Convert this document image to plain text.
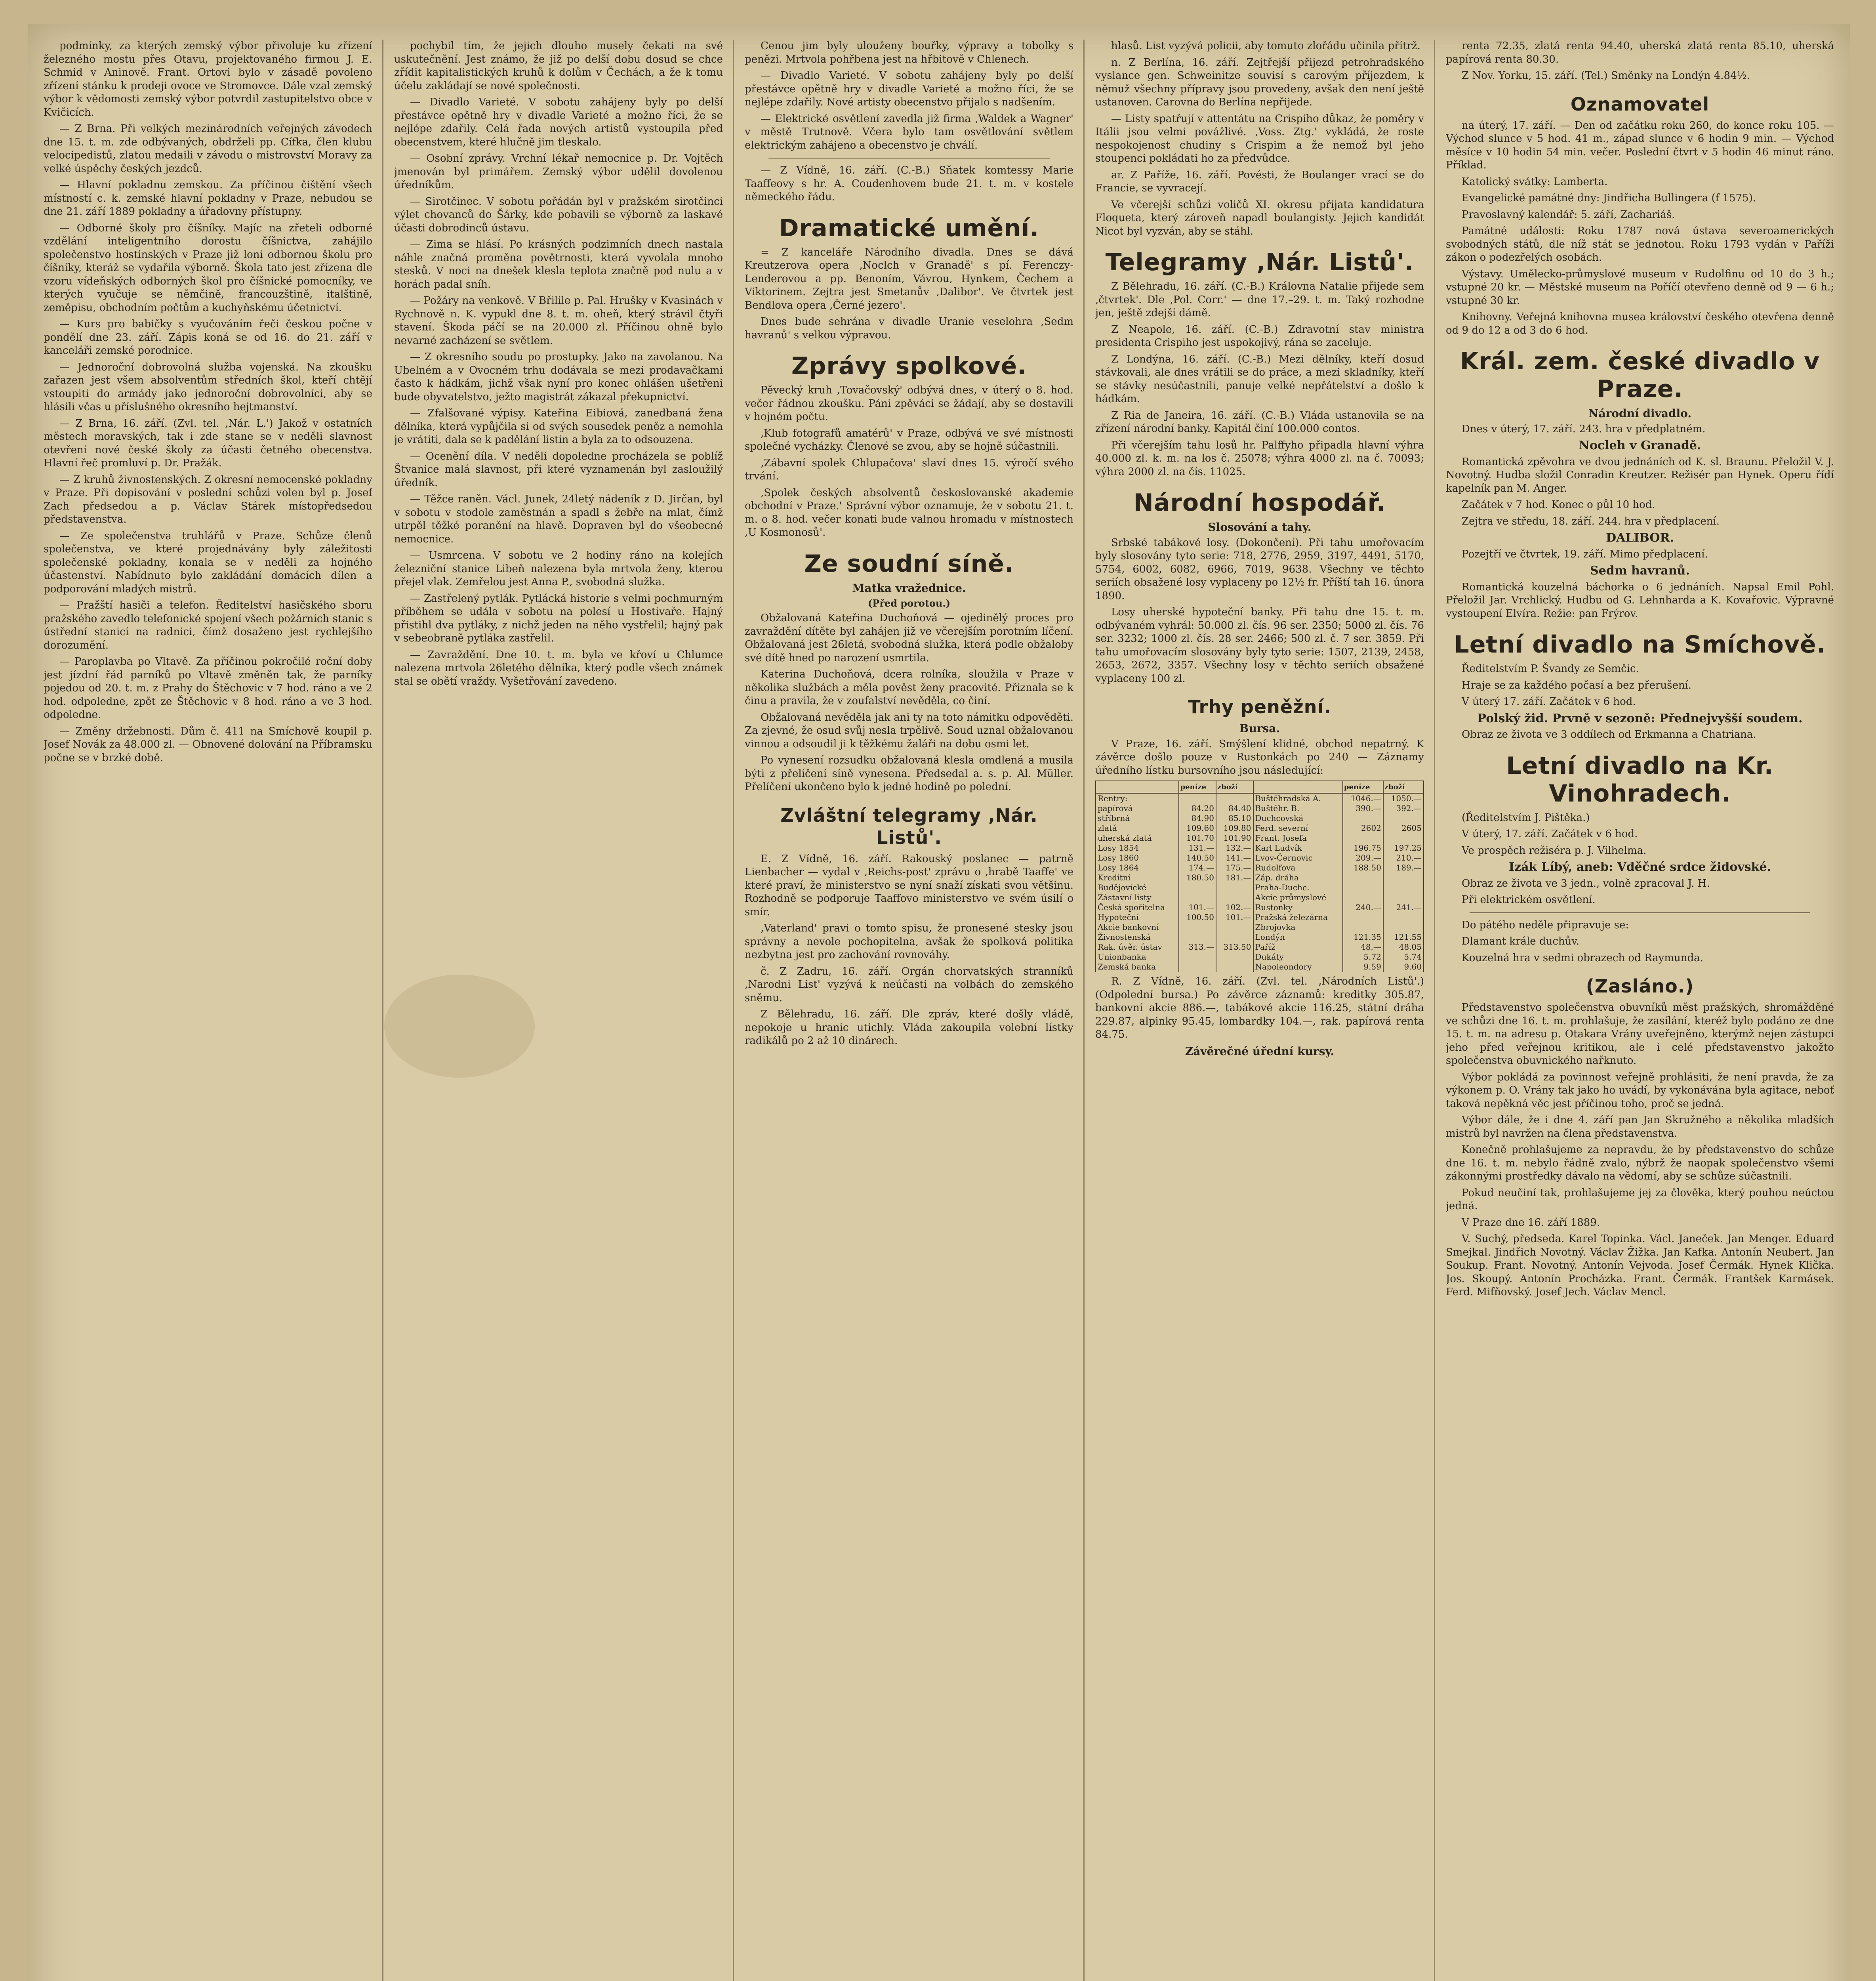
podmínky, za kterých zemský výbor přivoluje ku zřízení železného mostu přes Otavu, projektovaného firmou J. E. Schmid v Aninově. Frant. Ortovi bylo v zásadě povoleno zřízení stánku k prodeji ovoce ve Stromovce. Dále vzal zemský výbor k vědomosti zemský výbor potvrdil zastupitelstvo obce v Kvičicích.

— Z Brna. Při velkých mezinárodních veřejných závodech dne 15. t. m. zde odbývaných, obdrželi pp. Cífka, člen klubu velocipedistů, zlatou medaili v závodu o mistrovství Moravy za velké úspěchy českých jezdců.

— Hlavní pokladnu zemskou. Za příčinou čištění všech místností c. k. zemské hlavní pokladny v Praze, nebudou se dne 21. září 1889 pokladny a úřadovny přístupny.

— Odborné školy pro číšníky. Majíc na zřeteli odborné vzdělání inteligentního dorostu číšnictva, zahájilo společenstvo hostinských v Praze již loni odbornou školu pro číšníky, kteráž se vydařila výborně. Škola tato jest zřízena dle vzoru vídeňských odborných škol pro číšnické pomocníky, ve kterých vyučuje se němčině, francouzštině, italštině, zeměpisu, obchodním počtům a kuchyňskému účetnictví.

— Kurs pro babičky s vyučováním řeči českou počne v pondělí dne 23. září. Zápis koná se od 16. do 21. září v kanceláři zemské porodnice.

— Jednoroční dobrovolná služba vojenská. Na zkoušku zařazen jest všem absolventům středních škol, kteří chtějí vstoupiti do armády jako jednoroční dobrovolníci, aby se hlásili včas u příslušného okresního hejtmanství.

— Z Brna, 16. září. (Zvl. tel. ‚Nár. L.') Jakož v ostatních městech moravských, tak i zde stane se v neděli slavnost otevření nové české školy za účasti četného obecenstva. Hlavní řeč promluví p. Dr. Pražák.

— Z kruhů živnostenských. Z okresní nemocenské pokladny v Praze. Při dopisování v poslední schůzi volen byl p. Josef Zach předsedou a p. Václav Stárek místopředsedou představenstva.

— Ze společenstva truhlářů v Praze. Schůze členů společenstva, ve které projednávány byly záležitosti společenské pokladny, konala se v neděli za hojného účastenství. Nabídnuto bylo zakládání domácích dílen a podporování mladých mistrů.

— Pražští hasiči a telefon. Ředitelství hasičského sboru pražského zavedlo telefonické spojení všech požárních stanic s ústřední stanicí na radnici, čímž dosaženo jest rychlejšího dorozumění.

— Paroplavba po Vltavě. Za příčinou pokročilé roční doby jest jízdní řád parníků po Vltavě změněn tak, že parníky pojedou od 20. t. m. z Prahy do Štěchovic v 7 hod. ráno a ve 2 hod. odpoledne, zpět ze Štěchovic v 8 hod. ráno a ve 3 hod. odpoledne.

— Změny držebnosti. Dům č. 411 na Smíchově koupil p. Josef Novák za 48.000 zl. — Obnovené dolování na Příbramsku počne se v brzké době.

pochybil tím, že jejich dlouho musely čekati na své uskutečnění. Jest známo, že již po delší dobu dosud se chce zřídit kapitalistických kruhů k dolům v Čechách, a že k tomu účelu zakládají se nové společnosti.

— Divadlo Varieté. V sobotu zahájeny byly po delší přestávce opětně hry v divadle Varieté a možno říci, že se nejlépe zdařily. Celá řada nových artistů vystoupila před obecenstvem, které hlučně jim tleskalo.

— Osobní zprávy. Vrchní lékař nemocnice p. Dr. Vojtěch jmenován byl primářem. Zemský výbor udělil dovolenou úředníkům.

— Sirotčinec. V sobotu pořádán byl v pražském sirotčinci výlet chovanců do Šárky, kde pobavili se výborně za laskavé účasti dobrodinců ústavu.

— Zima se hlásí. Po krásných podzimních dnech nastala náhle značná proměna povětrnosti, která vyvolala mnoho stesků. V noci na dnešek klesla teplota značně pod nulu a v horách padal sníh.

— Požáry na venkově. V Břilile p. Pal. Hrušky v Kvasinách v Rychnově n. K. vypukl dne 8. t. m. oheň, který strávil čtyři stavení. Škoda páčí se na 20.000 zl. Příčinou ohně bylo nevarné zacházení se světlem.

— Z okresního soudu po prostupky. Jako na zavolanou. Na Ubelném a v Ovocném trhu dodávala se mezi prodavačkami často k hádkám, jichž však nyní pro konec ohlášen ušetřeni bude obyvatelstvo, ježto magistrát zákazal překupnictví.

— Zfalšované výpisy. Kateřina Eibiová, zanedbaná žena dělníka, která vypůjčila si od svých sousedek peněz a nemohla je vrátiti, dala se k padělání listin a byla za to odsouzena.

— Ocenění díla. V neděli dopoledne procházela se poblíž Štvanice malá slavnost, při které vyznamenán byl zasloužilý úředník.

— Těžce raněn. Václ. Junek, 24letý nádeník z D. Jirčan, byl v sobotu v stodole zaměstnán a spadl s žebře na mlat, čímž utrpěl těžké poranění na hlavě. Dopraven byl do všeobecné nemocnice.

— Usmrcena. V sobotu ve 2 hodiny ráno na kolejích železniční stanice Libeň nalezena byla mrtvola ženy, kterou přejel vlak. Zemřelou jest Anna P., svobodná služka.

— Zastřelený pytlák. Pytlácká historie s velmi pochmurným příběhem se udála v sobotu na polesí u Hostivaře. Hajný přistihl dva pytláky, z nichž jeden na něho vystřelil; hajný pak v sebeobraně pytláka zastřelil.

— Zavraždění. Dne 10. t. m. byla ve křoví u Chlumce nalezena mrtvola 26letého dělníka, který podle všech známek stal se obětí vraždy. Vyšetřování zavedeno.

Cenou jim byly ulouženy bouřky, výpravy a tobolky s penězi. Mrtvola pohřbena jest na hřbitově v Chlenech.

— Divadlo Varieté. V sobotu zahájeny byly po delší přestávce opětně hry v divadle Varieté a možno říci, že se nejlépe zdařily. Nové artisty obecenstvo přijalo s nadšením.

— Elektrické osvětlení zavedla již firma ‚Waldek a Wagner' v městě Trutnově. Včera bylo tam osvětlování světlem elektrickým zahájeno a obecenstvo je chválí.

— Z Vídně, 16. září. (C.-B.) Sňatek komtessy Marie Taaffeovy s hr. A. Coudenhovem bude 21. t. m. v kostele německého řádu.

Dramatické umění.

= Z kanceláře Národního divadla. Dnes se dává Kreutzerova opera ‚Noclch v Granadě' s pí. Ferenczy-Lenderovou a pp. Benoním, Vávrou, Hynkem, Čechem a Viktorinem. Zejtra jest Smetanův ‚Dalibor'. Ve čtvrtek jest Bendlova opera ‚Černé jezero'.

Dnes bude sehrána v divadle Uranie veselohra ‚Sedm havranů' s velkou výpravou.

Zprávy spolkové.

Pěvecký kruh ‚Tovačovský' odbývá dnes, v úterý o 8. hod. večer řádnou zkoušku. Páni zpěváci se žádají, aby se dostavili v hojném počtu.

‚Klub fotografů amatérů' v Praze, odbývá ve své místnosti společné vycházky. Členové se zvou, aby se hojně súčastnili.

‚Zábavní spolek Chlupačova' slaví dnes 15. výročí svého trvání.

‚Spolek českých absolventů českoslovanské akademie obchodní v Praze.' Správní výbor oznamuje, že v sobotu 21. t. m. o 8. hod. večer konati bude valnou hromadu v místnostech ‚U Kosmonosů'.

Ze soudní síně.
Matka vražednice.
(Před porotou.)

Obžalovaná Kateřina Duchoňová — ojedinělý proces pro zavraždění dítěte byl zahájen již ve včerejším porotním líčení. Obžalovaná jest 26letá, svobodná služka, která podle obžaloby své dítě hned po narození usmrtila.

Katerina Duchoňová, dcera rolníka, sloužila v Praze v několika službách a měla pověst ženy pracovité. Přiznala se k činu a pravila, že v zoufalství nevěděla, co činí.

Obžalovaná nevěděla jak ani ty na toto námitku odpověděti. Za zjevné, že osud svůj nesla trpělivě. Soud uznal obžalovanou vinnou a odsoudil ji k těžkému žaláři na dobu osmi let.

Po vynesení rozsudku obžalovaná klesla omdlená a musila býti z přelíčení síně vynesena. Předsedal a. s. p. Al. Müller. Přelíčení ukončeno bylo k jedné hodině po polední.

Zvláštní telegramy ‚Nár. Listů'.

E. Z Vídně, 16. září. Rakouský poslanec — patrně Lienbacher — vydal v ‚Reichs-post' zprávu o ‚hrabě Taaffe' ve které praví, že ministerstvo se nyní snaží získati svou většinu. Rozhodně se podporuje Taaffovo ministerstvo ve svém úsilí o smír.

‚Vaterland' pravi o tomto spisu, že pronesené stesky jsou správny a nevole pochopitelna, avšak že spolková politika nezbytna jest pro zachování rovnováhy.

č. Z Zadru, 16. září. Orgán chorvatských stranníků ‚Narodni List' vyzývá k neúčasti na volbách do zemského sněmu.

Z Bělehradu, 16. září. Dle zpráv, které došly vládě, nepokoje u hranic utichly. Vláda zakoupila volební lístky radikálů po 2 až 10 dinárech.

hlasů. List vyzývá policii, aby tomuto zlořádu učinila přítrž.

n. Z Berlína, 16. září. Zejtřejší přijezd petrohradského vyslance gen. Schweinitze souvisí s carovým příjezdem, k němuž všechny přípravy jsou provedeny, avšak den není ještě ustanoven. Carovna do Berlína nepřijede.

— Listy spatřují v attentátu na Crispiho důkaz, že poměry v Itálii jsou velmi povážlivé. ‚Voss. Ztg.' vykládá, že roste nespokojenost chudiny s Crispim a že nemož byl jeho stoupenci pokládati ho za předvůdce.

ar. Z Paříže, 16. září. Povésti, že Boulanger vrací se do Francie, se vyvracejí.

Ve včerejší schůzi voličů XI. okresu přijata kandidatura Floqueta, který zároveň napadl boulangisty. Jejich kandidát Nicot byl vyzván, aby se stáhl.

Telegramy ‚Nár. Listů'.

Z Bělehradu, 16. září. (C.-B.) Královna Natalie přijede sem ‚čtvrtek'. Dle ‚Pol. Corr.' — dne 17.–29. t. m. Taký rozhodne jen, ještě zdejší dámě.

Z Neapole, 16. září. (C.-B.) Zdravotní stav ministra presidenta Crispiho jest uspokojivý, rána se zaceluje.

Z Londýna, 16. září. (C.-B.) Mezi dělníky, kteří dosud stávkovali, ale dnes vrátili se do práce, a mezi skladníky, kteří se stávky nesúčastnili, panuje velké nepřátelství a došlo k hádkám.

Z Ria de Janeira, 16. září. (C.-B.) Vláda ustanovila se na zřízení národní banky. Kapitál činí 100.000 contos.

Při včerejším tahu losů hr. Palffyho připadla hlavní výhra 40.000 zl. k. m. na los č. 25078; výhra 4000 zl. na č. 70093; výhra 2000 zl. na čís. 11025.

Národní hospodář.
Slosování a tahy.

Srbské tabákové losy. (Dokončení). Při tahu umořovacím byly slosovány tyto serie: 718, 2776, 2959, 3197, 4491, 5170, 5754, 6002, 6082, 6966, 7019, 9638. Všechny ve těchto seriích obsažené losy vyplaceny po 12½ fr. Příští tah 16. února 1890.

Losy uherské hypoteční banky. Při tahu dne 15. t. m. odbývaném vyhrál: 50.000 zl. čís. 96 ser. 2350; 5000 zl. čís. 76 ser. 3232; 1000 zl. čís. 28 ser. 2466; 500 zl. č. 7 ser. 3859. Při tahu umořovacím slosovány byly tyto serie: 1507, 2139, 2458, 2653, 2672, 3357. Všechny losy v těchto seriích obsažené vyplaceny 100 zl.

Trhy peněžní.
Bursa.

V Praze, 16. září. Smýšlení klidné, obchod nepatrný. K závěrce došlo pouze v Rustonkách po 240 — Záznamy úředního lístku bursovního jsou následující:

	peníze	zboží		peníze	zboží
Rentry:			Buštěhradská A.	1046.—	1050.—
papírová	84.20	84.40	Buštěhr. B.	390.—	392.—
stříbrná	84.90	85.10	Duchcovská		
zlatá	109.60	109.80	Ferd. severní	2602	2605
uherská zlatá	101.70	101.90	Frant. Josefa		
Losy 1854	131.—	132.—	Karl Ludvík	196.75	197.25
Losy 1860	140.50	141.—	Lvov-Černovic	209.—	210.—
Losy 1864	174.—	175.—	Rudolfova	188.50	189.—
Kreditní	180.50	181.—	Záp. dráha		
Budějovické			Praha-Duchc.		
Zástavní listy			Akcie průmyslové		
Česká spořitelna	101.—	102.—	Rustonky	240.—	241.—
Hypoteční	100.50	101.—	Pražská železárna		
Akcie bankovní			Zbrojovka		
Živnostenská			Londýn	121.35	121.55
Rak. úvěr. ústav	313.—	313.50	Paříž	48.—	48.05
Unionbanka			Dukáty	5.72	5.74
Zemská banka			Napoleondory	9.59	9.60

R. Z Vídně, 16. září. (Zvl. tel. ‚Národních Listů'.) (Odpolední bursa.) Po závěrce záznamů: kreditky 305.87, bankovní akcie 886.—, tabákové akcie 116.25, státní dráha 229.87, alpinky 95.45, lombardky 104.—, rak. papírová renta 84.75.

Závěrečné úřední kursy.

renta 72.35, zlatá renta 94.40, uherská zlatá renta 85.10, uherská papírová renta 80.30.

Z Nov. Yorku, 15. září. (Tel.) Směnky na Londýn 4.84½.

Oznamovatel

na úterý, 17. září. — Den od začátku roku 260, do konce roku 105. — Východ slunce v 5 hod. 41 m., západ slunce v 6 hodin 9 min. — Východ měsíce v 10 hodin 54 min. večer. Poslední čtvrt v 5 hodin 46 minut ráno. Příklad.

Katolický svátky: Lamberta.

Evangelické památné dny: Jindřicha Bullingera (f 1575).

Pravoslavný kalendář: 5. září, Zachariáš.

Památné události: Roku 1787 nová ústava severoamerických svobodných států, dle níž stát se jednotou. Roku 1793 vydán v Paříži zákon o podezřelých osobách.

Výstavy. Umělecko-průmyslové museum v Rudolfinu od 10 do 3 h.; vstupné 20 kr. — Městské museum na Poříčí otevřeno denně od 9 — 6 h.; vstupné 30 kr.

Knihovny. Veřejná knihovna musea království českého otevřena denně od 9 do 12 a od 3 do 6 hod.

Král. zem. české divadlo v Praze.
Národní divadlo.

Dnes v úterý, 17. září. 243. hra v předplatném.

Nocleh v Granadě.

Romantická zpěvohra ve dvou jednáních od K. sl. Braunu. Přeložil V. J. Novotný. Hudba složil Conradin Kreutzer. Režisér pan Hynek. Operu řídí kapelník pan M. Anger.

Začátek v 7 hod. Konec o půl 10 hod.

Zejtra ve středu, 18. září. 244. hra v předplacení.

DALIBOR.

Pozejtří ve čtvrtek, 19. září. Mimo předplacení.

Sedm havranů.

Romantická kouzelná báchorka o 6 jednáních. Napsal Emil Pohl. Přeložil Jar. Vrchlický. Hudbu od G. Lehnharda a K. Kovařovic. Výpravné vystoupení Elvíra. Režie: pan Frýrov.

Letní divadlo na Smíchově.

Ředitelstvím P. Švandy ze Semčic.

Hraje se za každého počasí a bez přerušení.

V úterý 17. září. Začátek v 6 hod.

Polský žid. Prvně v sezoně: Přednejvyšší soudem.

Obraz ze života ve 3 oddílech od Erkmanna a Chatriana.

Letní divadlo na Kr. Vinohradech.

(Ředitelstvím J. Pištěka.)

V úterý, 17. září. Začátek v 6 hod.

Ve prospěch režiséra p. J. Vilhelma.

Izák Líbý, aneb: Vděčné srdce židovské.

Obraz ze života ve 3 jedn., volně zpracoval J. H.

Při elektrickém osvětlení.

Do pátého neděle připravuje se:

Dlamant krále duchův.

Kouzelná hra v sedmi obrazech od Raymunda.

(Zasláno.)

Představenstvo společenstva obuvníků měst pražských, shromážděné ve schůzi dne 16. t. m. prohlašuje, že zasílání, kteréž bylo podáno ze dne 15. t. m. na adresu p. Otakara Vrány uveřejněno, kterýmž nejen zástupci jeho před veřejnou kritikou, ale i celé představenstvo jakožto společenstva obuvnického nařknuto.

Výbor pokládá za povinnost veřejně prohlásiti, že není pravda, že za výkonem p. O. Vrány tak jako ho uvádí, by vykonávána byla agitace, neboť taková nepěkná věc jest příčinou toho, proč se jedná.

Výbor dále, že i dne 4. září pan Jan Skružného a několika mladších mistrů byl navržen na člena představenstva.

Konečně prohlašujeme za nepravdu, že by představenstvo do schůze dne 16. t. m. nebylo řádně zvalo, nýbrž že naopak společenstvo všemi zákonnými prostředky dávalo na vědomí, aby se schůze súčastnili.

Pokud neučiní tak, prohlašujeme jej za člověka, který pouhou neúctou jedná.

V Praze dne 16. září 1889.

V. Suchý, předseda. Karel Topinka. Václ. Janeček. Jan Menger. Eduard Smejkal. Jindřich Novotný. Václav Žižka. Jan Kafka. Antonín Neubert. Jan Soukup. Frant. Novotný. Antonín Vejvoda. Josef Čermák. Hynek Klička. Jos. Skoupý. Antonín Procházka. Frant. Čermák. Frantšek Karmásek. Ferd. Mifňovský. Josef Jech. Václav Mencl.
